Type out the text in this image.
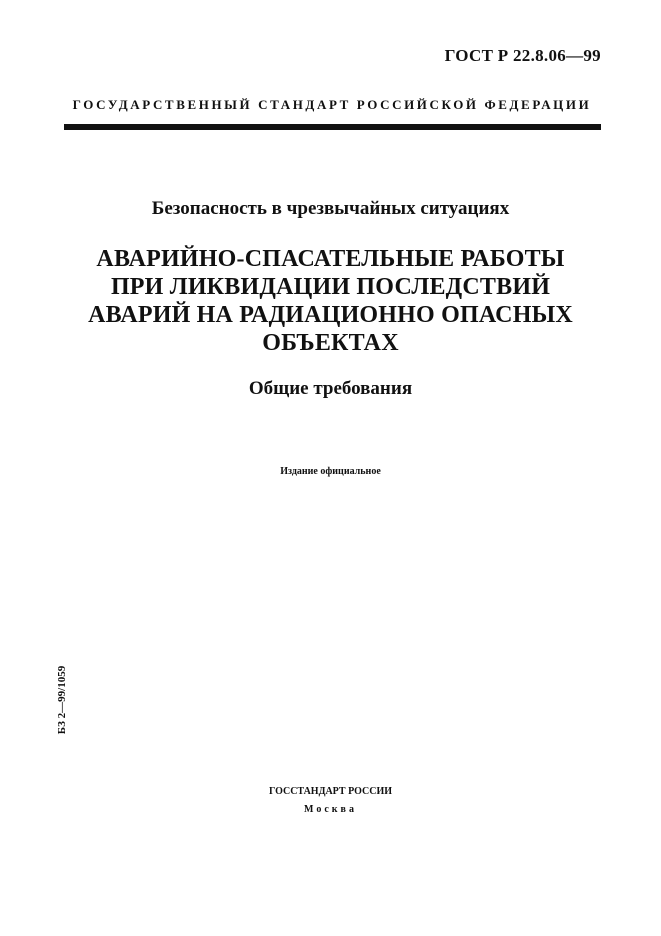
ГОСТ Р 22.8.06—99
ГОСУДАРСТВЕННЫЙ СТАНДАРТ РОССИЙСКОЙ ФЕДЕРАЦИИ
Безопасность в чрезвычайных ситуациях
АВАРИЙНО-СПАСАТЕЛЬНЫЕ РАБОТЫ
ПРИ ЛИКВИДАЦИИ ПОСЛЕДСТВИЙ
АВАРИЙ НА РАДИАЦИОННО ОПАСНЫХ
ОБЪЕКТАХ
Общие требования
Издание официальное
БЗ 2—99/1059
ГОССТАНДАРТ РОССИИ
Москва
